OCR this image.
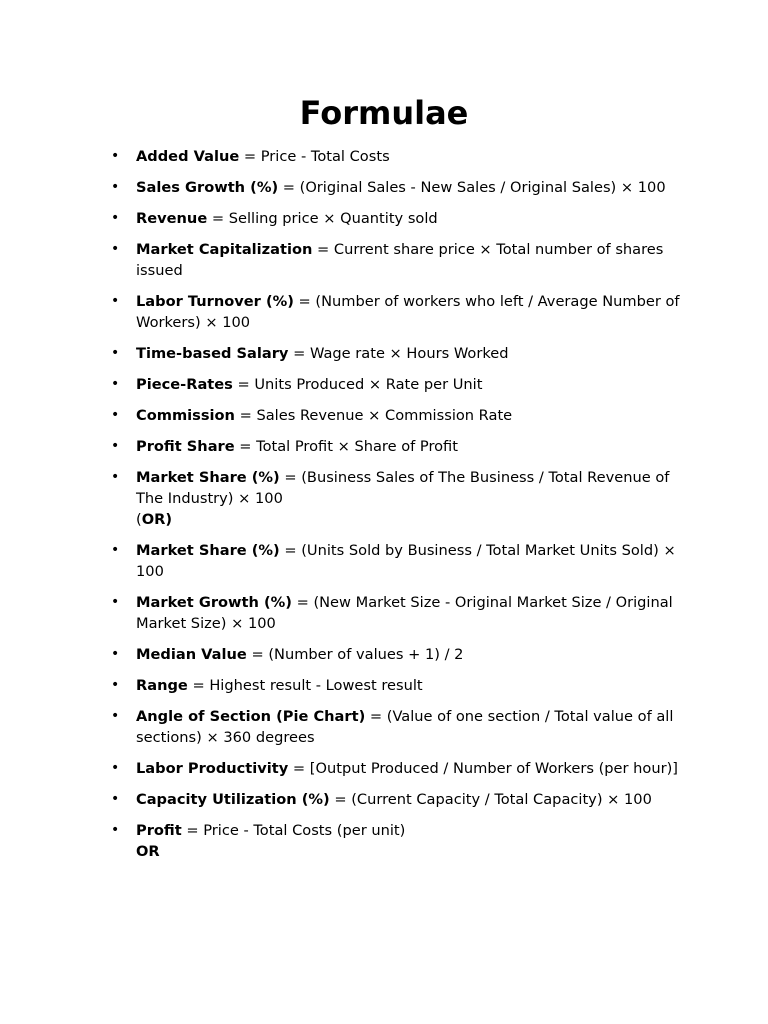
Formulae
• Added Value = Price - Total Costs
• Sales Growth (%) = (Original Sales - New Sales / Original Sales) × 100
• Revenue = Selling price × Quantity sold
• Market Capitalization = Current share price × Total number of shares issued
• Labor Turnover (%) = (Number of workers who left / Average Number of Workers) × 100
• Time-based Salary = Wage rate × Hours Worked
• Piece-Rates = Units Produced × Rate per Unit
• Commission = Sales Revenue × Commission Rate
• Profit Share = Total Profit × Share of Profit
• Market Share (%) = (Business Sales of The Business / Total Revenue of The Industry) × 100
(OR)
• Market Share (%) = (Units Sold by Business / Total Market Units Sold) × 100
• Market Growth (%) = (New Market Size - Original Market Size / Original Market Size) × 100
• Median Value = (Number of values + 1) / 2
• Range = Highest result - Lowest result
• Angle of Section (Pie Chart) = (Value of one section / Total value of all sections) × 360 degrees
• Labor Productivity = [Output Produced / Number of Workers (per hour)]
• Capacity Utilization (%) = (Current Capacity / Total Capacity) × 100
• Profit = Price - Total Costs (per unit)
OR
